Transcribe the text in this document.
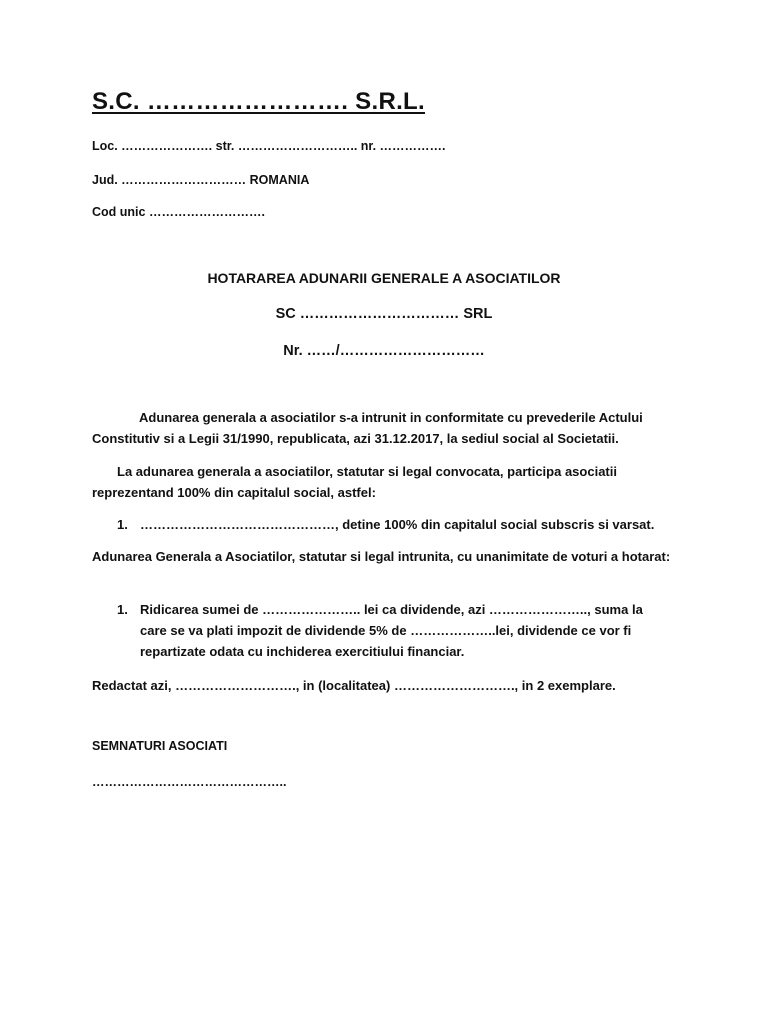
S.C. ……………………. S.R.L.
Loc. …………………. str. ……………………….. nr. …………….
Jud. ………………………… ROMANIA
Cod unic ……………………….
HOTARAREA ADUNARII GENERALE A ASOCIATILOR
SC …………………………… SRL
Nr. ……/…………………………
Adunarea generala a asociatilor s-a intrunit in conformitate cu prevederile Actului Constitutiv si a Legii 31/1990, republicata, azi 31.12.2017, la sediul social al Societatii.
La adunarea generala a asociatilor, statutar si legal convocata, participa asociatii reprezentand 100% din capitalul social, astfel:
1. ………………………………………, detine 100% din capitalul social subscris si varsat.
Adunarea Generala a Asociatilor, statutar si legal intrunita, cu unanimitate de voturi a hotarat:
1. Ridicarea sumei de ………………….. lei ca dividende, azi ………………….., suma la care se va plati impozit de dividende 5% de ………………..lei, dividende ce vor fi repartizate odata cu inchiderea exercitiului financiar.
Redactat azi, ………………………., in (localitatea) ………………………., in 2 exemplare.
SEMNATURI ASOCIATI
………………………………………..
